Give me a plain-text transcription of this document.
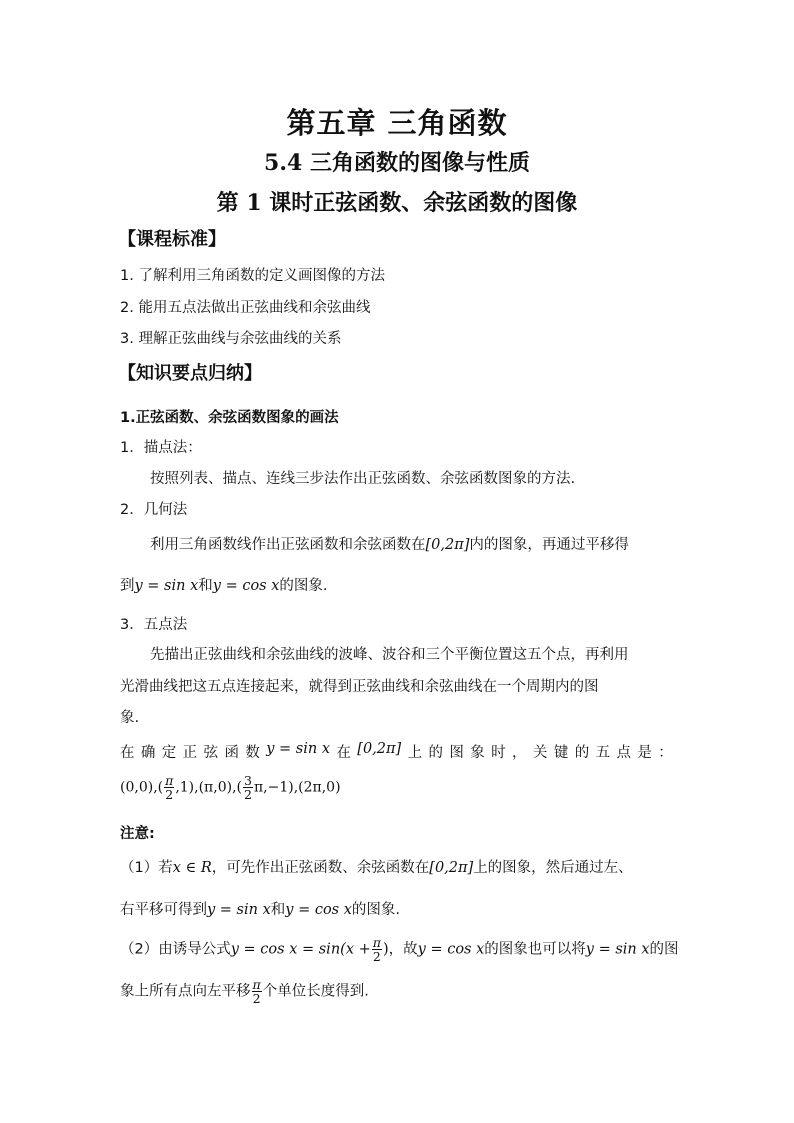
第五章 三角函数
5.4 三角函数的图像与性质
第 1 课时正弦函数、余弦函数的图像
【课程标准】
1. 了解利用三角函数的定义画图像的方法
2. 能用五点法做出正弦曲线和余弦曲线
3. 理解正弦曲线与余弦曲线的关系
【知识要点归纳】
1.正弦函数、余弦函数图象的画法
1．描点法：
按照列表、描点、连线三步法作出正弦函数、余弦函数图象的方法.
2．几何法
利用三角函数线作出正弦函数和余弦函数在[0,2π]内的图象，再通过平移得
到y = sin x和y = cos x的图象.
3．五点法
先描出正弦曲线和余弦曲线的波峰、波谷和三个平衡位置这五个点，再利用
光滑曲线把这五点连接起来，就得到正弦曲线和余弦曲线在一个周期内的图
象.
在 确 定 正 弦 函 数 y = sin x 在 [0,2π] 上 的 图 象 时 ， 关 键 的 五 点 是 ：
$(0,0),( \frac{\pi}{2} ,1),(\pi,0),( \frac{3}{2} \pi,-1),(2\pi,0)$
注意:
（1）若x ∈ R，可先作出正弦函数、余弦函数在[0,2π]上的图象，然后通过左、
右平移可得到y = sin x和y = cos x的图象.
（2）由诱导公式$y = \cos x = \sin(x + \frac{\pi}{2}$ )，故y = cos x的图象也可以将y = sin x的图
象上所有点向左平移 $\frac{\pi}{2}$ 个单位长度得到.
